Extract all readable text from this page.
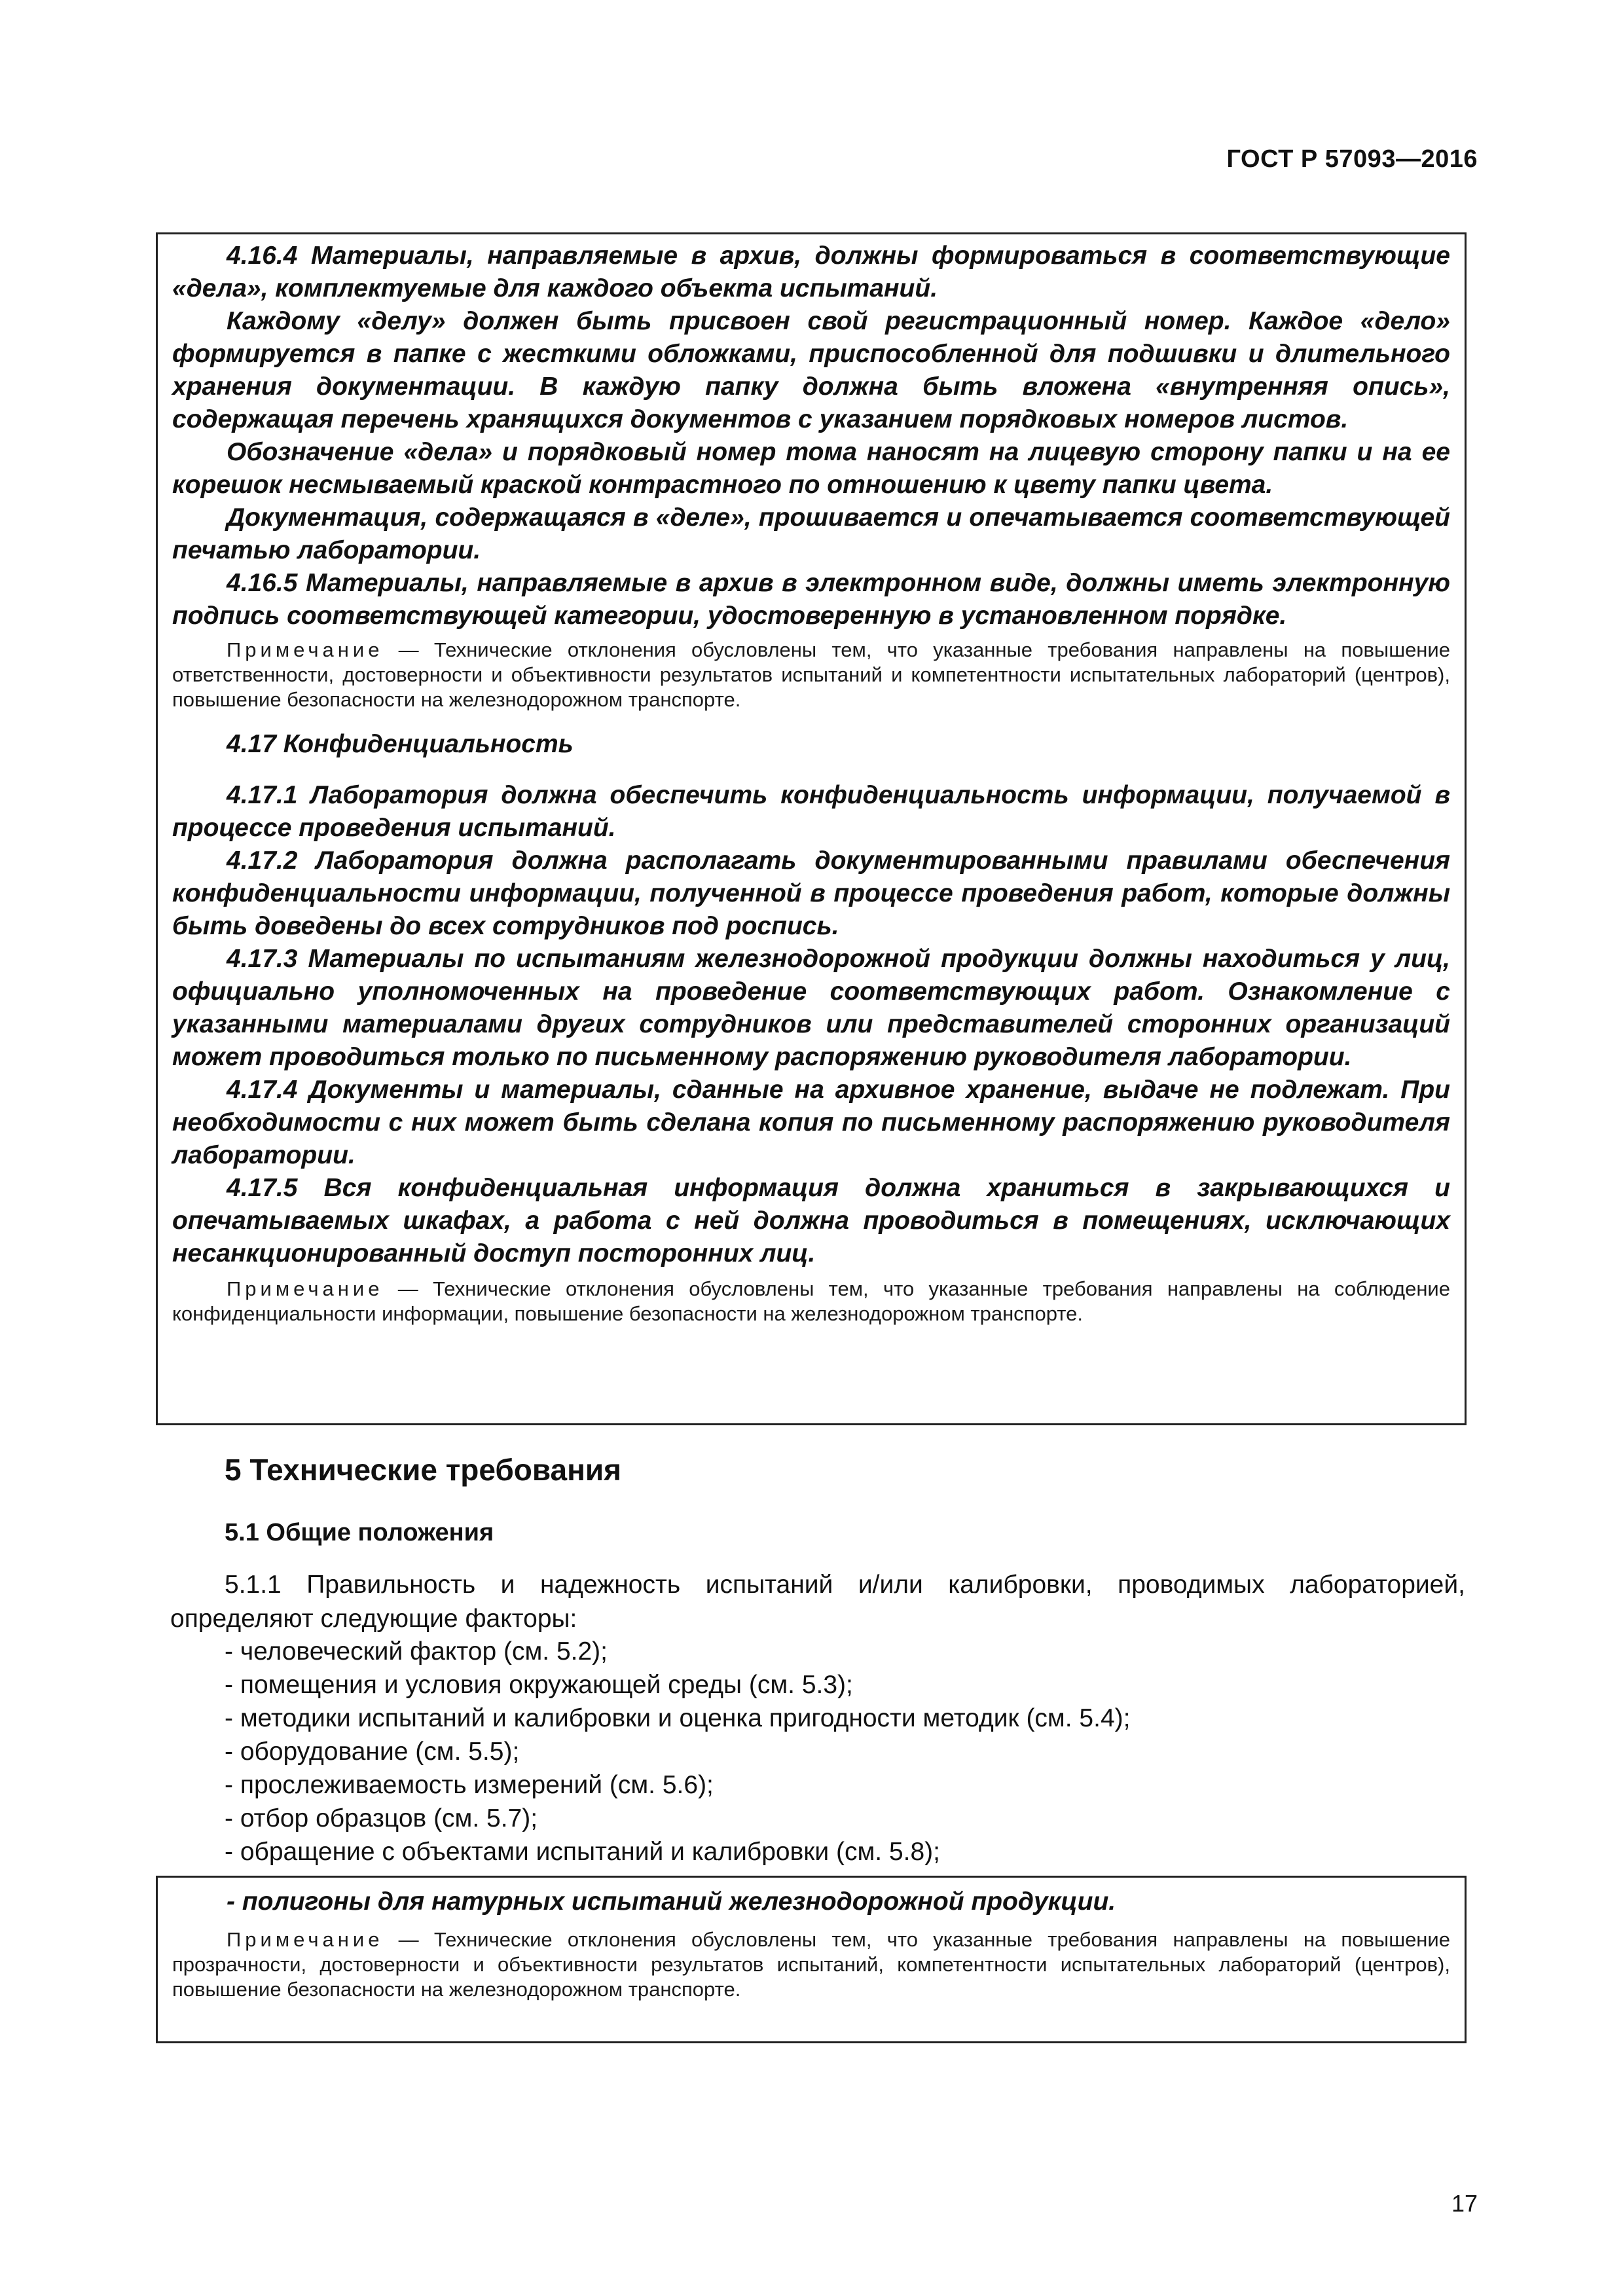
ГОСТ Р 57093—2016

4.16.4 Материалы, направляемые в архив, должны формироваться в соответствующие «дела», комплектуемые для каждого объекта испытаний.

Каждому «делу» должен быть присвоен свой регистрационный номер. Каждое «дело» формируется в папке с жесткими обложками, приспособленной для подшивки и длительного хранения документации. В каждую папку должна быть вложена «внутренняя опись», содержащая перечень хранящихся документов с указанием порядковых номеров листов.

Обозначение «дела» и порядковый номер тома наносят на лицевую сторону папки и на ее корешок несмываемый краской контрастного по отношению к цвету папки цвета.

Документация, содержащаяся в «деле», прошивается и опечатывается соответствующей печатью лаборатории.

4.16.5 Материалы, направляемые в архив в электронном виде, должны иметь электронную подпись соответствующей категории, удостоверенную в установленном порядке.

Примечание — Технические отклонения обусловлены тем, что указанные требования направлены на повышение ответственности, достоверности и объективности результатов испытаний и компетентности испытательных лабораторий (центров), повышение безопасности на железнодорожном транспорте.

4.17 Конфиденциальность

4.17.1 Лаборатория должна обеспечить конфиденциальность информации, получаемой в процессе проведения испытаний.

4.17.2 Лаборатория должна располагать документированными правилами обеспечения конфиденциальности информации, полученной в процессе проведения работ, которые должны быть доведены до всех сотрудников под роспись.

4.17.3 Материалы по испытаниям железнодорожной продукции должны находиться у лиц, официально уполномоченных на проведение соответствующих работ. Ознакомление с указанными материалами других сотрудников или представителей сторонних организаций может проводиться только по письменному распоряжению руководителя лаборатории.

4.17.4 Документы и материалы, сданные на архивное хранение, выдаче не подлежат. При необходимости с них может быть сделана копия по письменному распоряжению руководителя лаборатории.

4.17.5 Вся конфиденциальная информация должна храниться в закрывающихся и опечатываемых шкафах, а работа с ней должна проводиться в помещениях, исключающих несанкционированный доступ посторонних лиц.

Примечание — Технические отклонения обусловлены тем, что указанные требования направлены на соблюдение конфиденциальности информации, повышение безопасности на железнодорожном транспорте.

5 Технические требования

5.1 Общие положения

5.1.1 Правильность и надежность испытаний и/или калибровки, проводимых лабораторией, определяют следующие факторы:

- человеческий фактор (см. 5.2);
- помещения и условия окружающей среды (см. 5.3);
- методики испытаний и калибровки и оценка пригодности методик (см. 5.4);
- оборудование (см. 5.5);
- прослеживаемость измерений (см. 5.6);
- отбор образцов (см. 5.7);
- обращение с объектами испытаний и калибровки (см. 5.8);

- полигоны для натурных испытаний железнодорожной продукции.

Примечание — Технические отклонения обусловлены тем, что указанные требования направлены на повышение прозрачности, достоверности и объективности результатов испытаний, компетентности испытательных лабораторий (центров), повышение безопасности на железнодорожном транспорте.

17
